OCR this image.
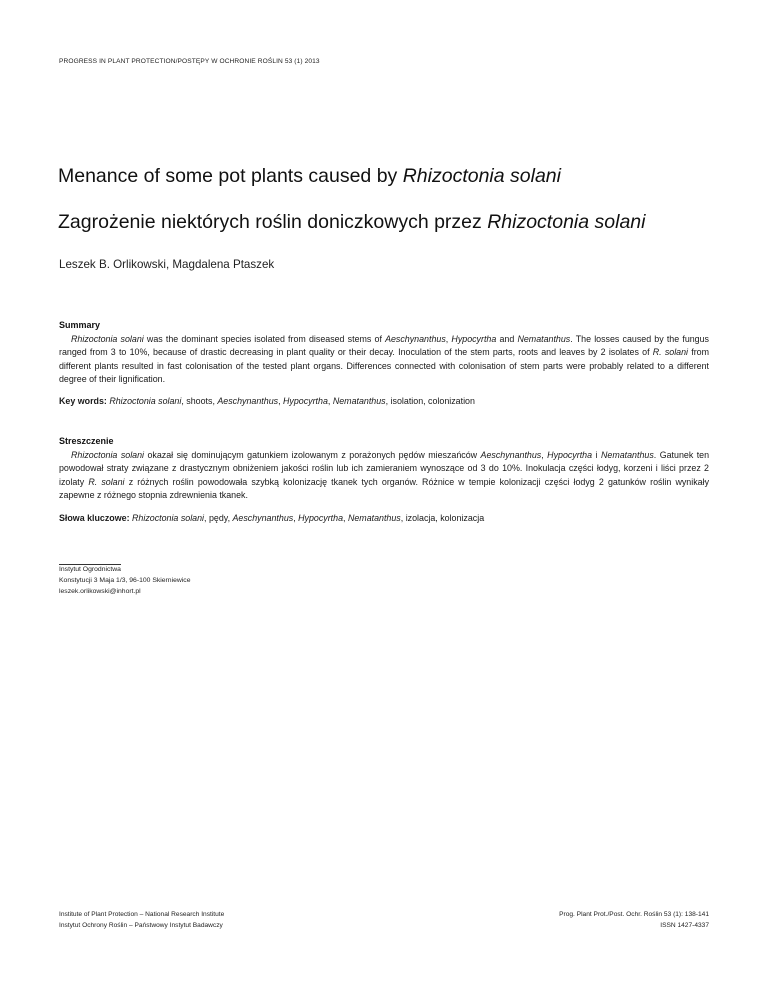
PROGRESS IN PLANT PROTECTION/POSTĘPY W OCHRONIE ROŚLIN 53 (1) 2013
Menance of some pot plants caused by Rhizoctonia solani
Zagrożenie niektórych roślin doniczkowych przez Rhizoctonia solani
Leszek B. Orlikowski, Magdalena Ptaszek
Summary
Rhizoctonia solani was the dominant species isolated from diseased stems of Aeschynanthus, Hypocyrtha and Nematanthus. The losses caused by the fungus ranged from 3 to 10%, because of drastic decreasing in plant quality or their decay. Inoculation of the stem parts, roots and leaves by 2 isolates of R. solani from different plants resulted in fast colonisation of the tested plant organs. Differences connected with colonisation of stem parts were probably related to a different degree of their lignification.
Key words: Rhizoctonia solani, shoots, Aeschynanthus, Hypocyrtha, Nematanthus, isolation, colonization
Streszczenie
Rhizoctonia solani okazał się dominującym gatunkiem izolowanym z porażonych pędów mieszańców Aeschynanthus, Hypocyrtha i Nematanthus. Gatunek ten powodował straty związane z drastycznym obniżeniem jakości roślin lub ich zamieraniem wynoszące od 3 do 10%. Inokulacja części łodyg, korzeni i liści przez 2 izolaty R. solani z różnych roślin powodowała szybką kolonizację tkanek tych organów. Różnice w tempie kolonizacji części łodyg 2 gatunków roślin wynikały zapewne z różnego stopnia zdrewnienia tkanek.
Słowa kluczowe: Rhizoctonia solani, pędy, Aeschynanthus, Hypocyrtha, Nematanthus, izolacja, kolonizacja
Instytut Ogrodnictwa
Konstytucji 3 Maja 1/3, 96-100 Skierniewice
leszek.orlikowski@inhort.pl
Institute of Plant Protection – National Research Institute
Instytut Ochrony Roślin – Państwowy Instytut Badawczy
Prog. Plant Prot./Post. Ochr. Roślin 53 (1): 138-141
ISSN 1427-4337
